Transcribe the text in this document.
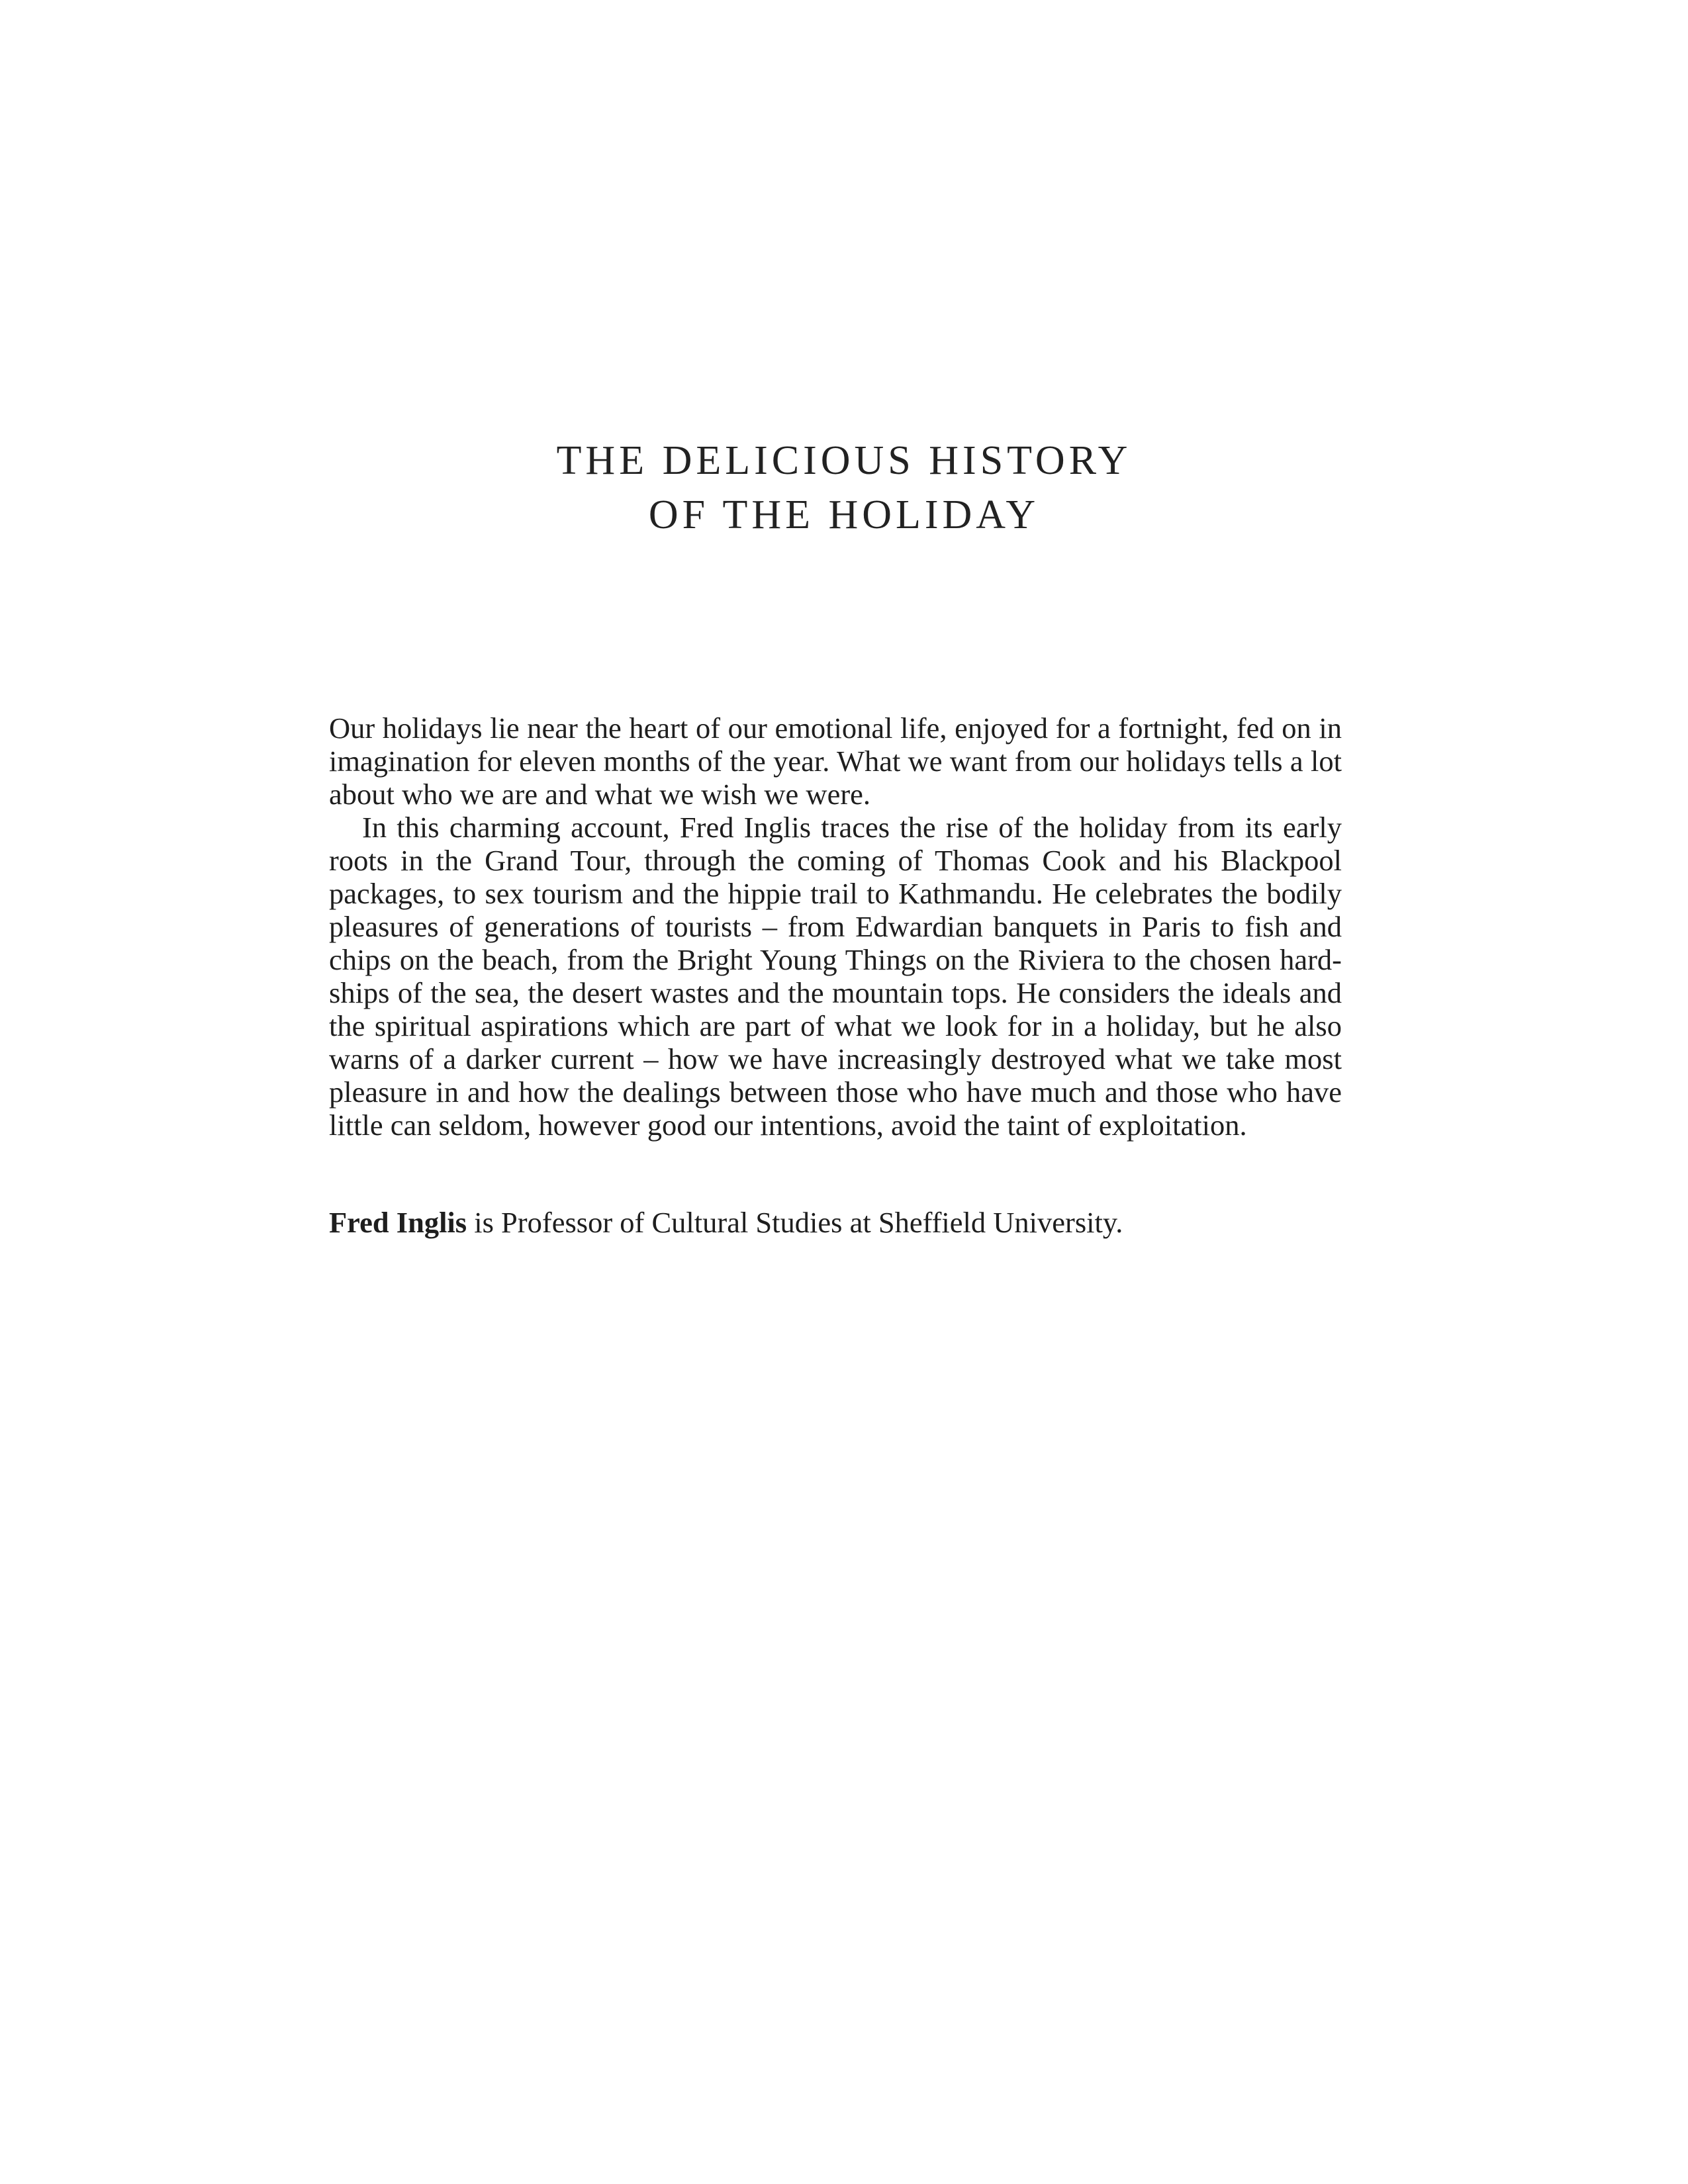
THE DELICIOUS HISTORY

OF THE HOLIDAY

Our holidays lie near the heart of our emotional life, enjoyed for a fortnight, fed on in imagination for eleven months of the year. What we want from our holidays tells a lot about who we are and what we wish we were.

In this charming account, Fred Inglis traces the rise of the holiday from its early roots in the Grand Tour, through the coming of Thomas Cook and his Blackpool packages, to sex tourism and the hippie trail to Kathmandu. He celebrates the bodily pleasures of generations of tourists – from Edwardian banquets in Paris to fish and chips on the beach, from the Bright Young Things on the Riviera to the chosen hard-ships of the sea, the desert wastes and the mountain tops. He considers the ideals and the spiritual aspirations which are part of what we look for in a holiday, but he also warns of a darker current – how we have increasingly destroyed what we take most pleasure in and how the dealings between those who have much and those who have little can seldom, however good our intentions, avoid the taint of exploitation.

Fred Inglis is Professor of Cultural Studies at Sheffield University.
